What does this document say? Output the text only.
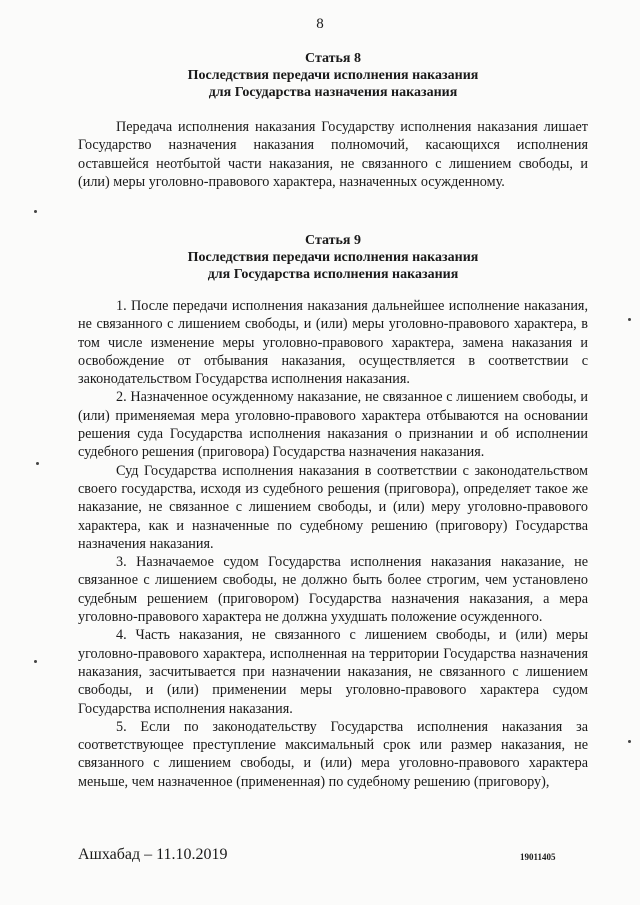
8

Статья 8

Последствия передачи исполнения наказания

для Государства назначения наказания

Передача исполнения наказания Государству исполнения наказания лишает Государство назначения наказания полномочий, касающихся исполнения оставшейся неотбытой части наказания, не связанного с лишением свободы, и (или) меры уголовно-правового характера, назначенных осужденному.

Статья 9

Последствия передачи исполнения наказания

для Государства исполнения наказания

1. После передачи исполнения наказания дальнейшее исполнение наказания, не связанного с лишением свободы, и (или) меры уголовно-правового характера, в том числе изменение меры уголовно-правового характера, замена наказания и освобождение от отбывания наказания, осуществляется в соответствии с законодательством Государства исполнения наказания.

2. Назначенное осужденному наказание, не связанное с лишением свободы, и (или) применяемая мера уголовно-правового характера отбываются на основании решения суда Государства исполнения наказания о признании и об исполнении судебного решения (приговора) Государства назначения наказания.

Суд Государства исполнения наказания в соответствии с законодательством своего государства, исходя из судебного решения (приговора), определяет такое же наказание, не связанное с лишением свободы, и (или) меру уголовно-правового характера, как и назначенные по судебному решению (приговору) Государства назначения наказания.

3. Назначаемое судом Государства исполнения наказания наказание, не связанное с лишением свободы, не должно быть более строгим, чем установлено судебным решением (приговором) Государства назначения наказания, а мера уголовно-правового характера не должна ухудшать положение осужденного.

4. Часть наказания, не связанного с лишением свободы, и (или) меры уголовно-правового характера, исполненная на территории Государства назначения наказания, засчитывается при назначении наказания, не связанного с лишением свободы, и (или) применении меры уголовно-правового характера судом Государства исполнения наказания.

5. Если по законодательству Государства исполнения наказания за соответствующее преступление максимальный срок или размер наказания, не связанного с лишением свободы, и (или) мера уголовно-правового характера меньше, чем назначенное (примененная) по судебному решению (приговору),

Ашхабад – 11.10.2019	19011405
